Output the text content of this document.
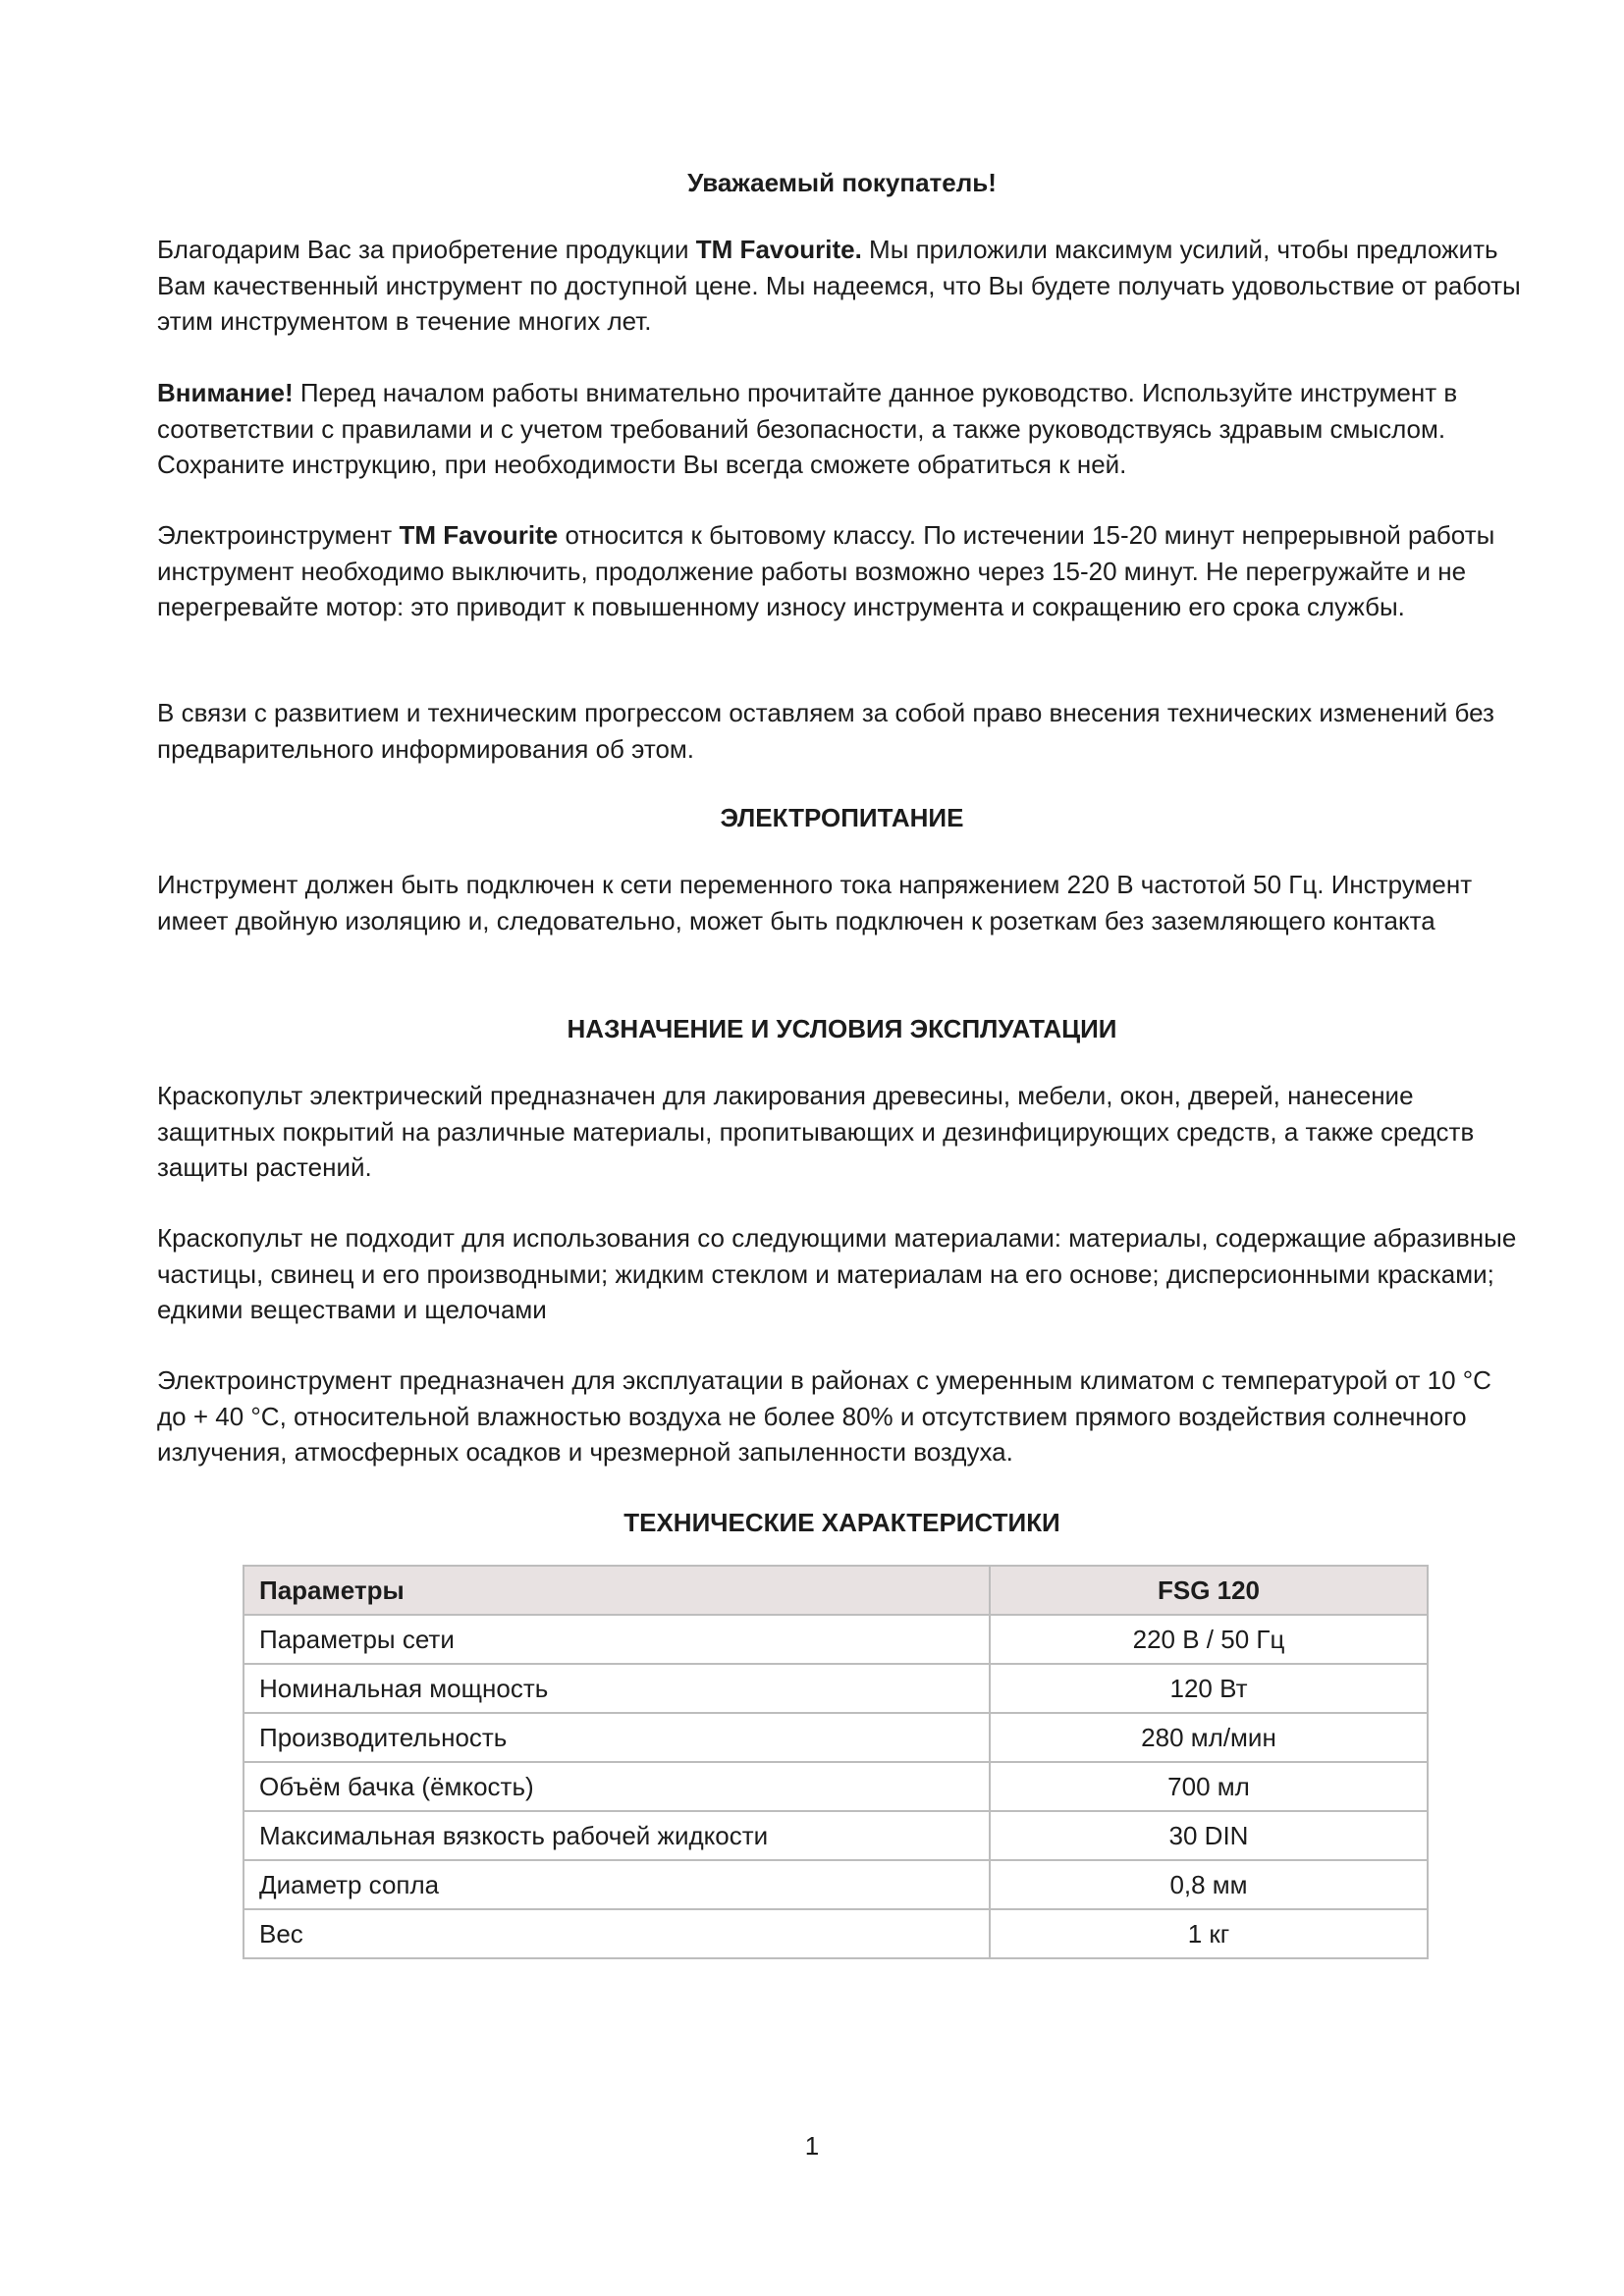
Уважаемый покупатель!

Благодарим Вас за приобретение продукции TM Favourite. Мы приложили максимум усилий, чтобы предложить Вам качественный инструмент по доступной цене. Мы надеемся, что Вы будете получать удовольствие от работы этим инструментом в течение многих лет.

Внимание! Перед началом работы внимательно прочитайте данное руководство. Используйте инструмент в соответствии с правилами и с учетом требований безопасности, а также руководствуясь здравым смыслом. Сохраните инструкцию, при необходимости Вы всегда сможете обратиться к ней.

Электроинструмент TM Favourite относится к бытовому классу. По истечении 15-20 минут непрерывной работы инструмент необходимо выключить, продолжение работы возможно через 15-20 минут. Не перегружайте и не перегревайте мотор: это приводит к повышенному износу инструмента и сокращению его срока службы.

В связи с развитием и техническим прогрессом оставляем за собой право внесения технических изменений без предварительного информирования об этом.

ЭЛЕКТРОПИТАНИЕ

Инструмент должен быть подключен к сети переменного тока напряжением 220 В частотой 50 Гц. Инструмент имеет двойную изоляцию и, следовательно, может быть подключен к розеткам без заземляющего контакта

НАЗНАЧЕНИЕ И УСЛОВИЯ ЭКСПЛУАТАЦИИ

Краскопульт электрический предназначен для лакирования древесины, мебели, окон, дверей, нанесение защитных покрытий на различные материалы, пропитывающих и дезинфицирующих средств, а также средств защиты растений.

Краскопульт не подходит для использования со следующими материалами: материалы, содержащие абразивные частицы, свинец и его производными; жидким стеклом и материалам на его основе; дисперсионными красками; едкими веществами и щелочами

Электроинструмент предназначен для эксплуатации в районах с умеренным климатом с температурой от 10 °С до + 40 °С, относительной влажностью воздуха не более 80% и отсутствием прямого воздействия солнечного излучения, атмосферных осадков и чрезмерной запыленности воздуха.

ТЕХНИЧЕСКИЕ ХАРАКТЕРИСТИКИ

Параметры	FSG 120
Параметры сети	220 В / 50 Гц
Номинальная мощность	120 Вт
Производительность	280 мл/мин
Объём бачка (ёмкость)	700 мл
Максимальная вязкость рабочей жидкости	30 DIN
Диаметр сопла	0,8 мм
Вес	1 кг
1
